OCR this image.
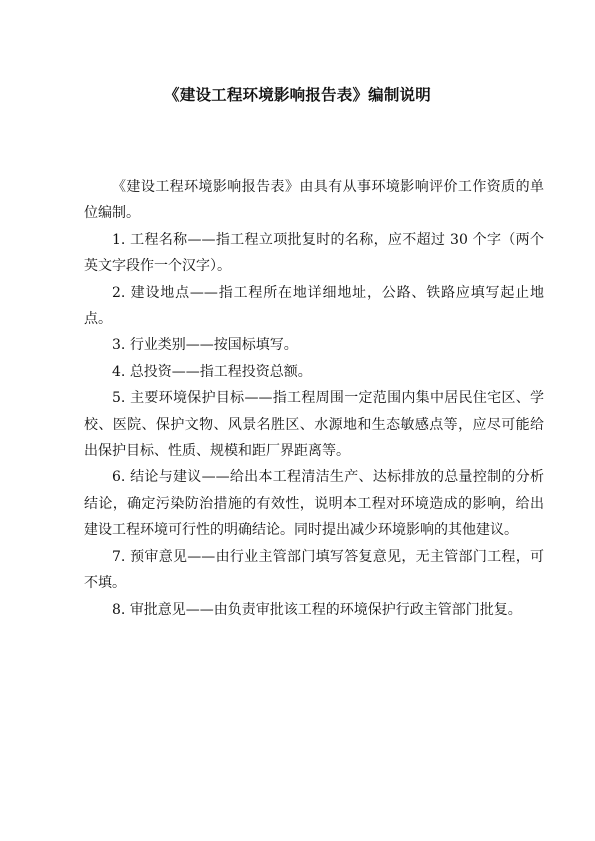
《建设工程环境影响报告表》编制说明

《建设工程环境影响报告表》由具有从事环境影响评价工作资质的单位编制。

1. 工程名称——指工程立项批复时的名称，应不超过 30 个字（两个英文字段作一个汉字）。

2. 建设地点——指工程所在地详细地址，公路、铁路应填写起止地点。

3. 行业类别——按国标填写。

4. 总投资——指工程投资总额。

5. 主要环境保护目标——指工程周围一定范围内集中居民住宅区、学校、医院、保护文物、风景名胜区、水源地和生态敏感点等，应尽可能给出保护目标、性质、规模和距厂界距离等。

6. 结论与建议——给出本工程清洁生产、达标排放的总量控制的分析结论，确定污染防治措施的有效性，说明本工程对环境造成的影响，给出建设工程环境可行性的明确结论。同时提出减少环境影响的其他建议。

7. 预审意见——由行业主管部门填写答复意见，无主管部门工程，可不填。

8. 审批意见——由负责审批该工程的环境保护行政主管部门批复。
